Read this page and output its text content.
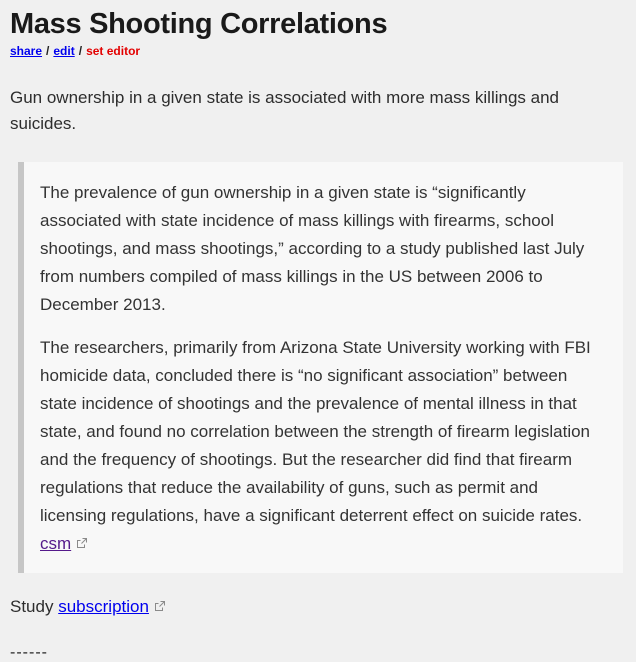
Mass Shooting Correlations
share / edit / set editor

Gun ownership in a given state is associated with more mass killings and suicides.

The prevalence of gun ownership in a given state is “significantly associated with state incidence of mass killings with firearms, school shootings, and mass shootings,” according to a study published last July from numbers compiled of mass killings in the US between 2006 to December 2013.

The researchers, primarily from Arizona State University working with FBI homicide data, concluded there is “no significant association” between state incidence of shootings and the prevalence of mental illness in that state, and found no correlation between the strength of firearm legislation and the frequency of shootings. But the researcher did find that firearm regulations that reduce the availability of guns, such as permit and licensing regulations, have a significant deterrent effect on suicide rates. csm

Study subscription

------
